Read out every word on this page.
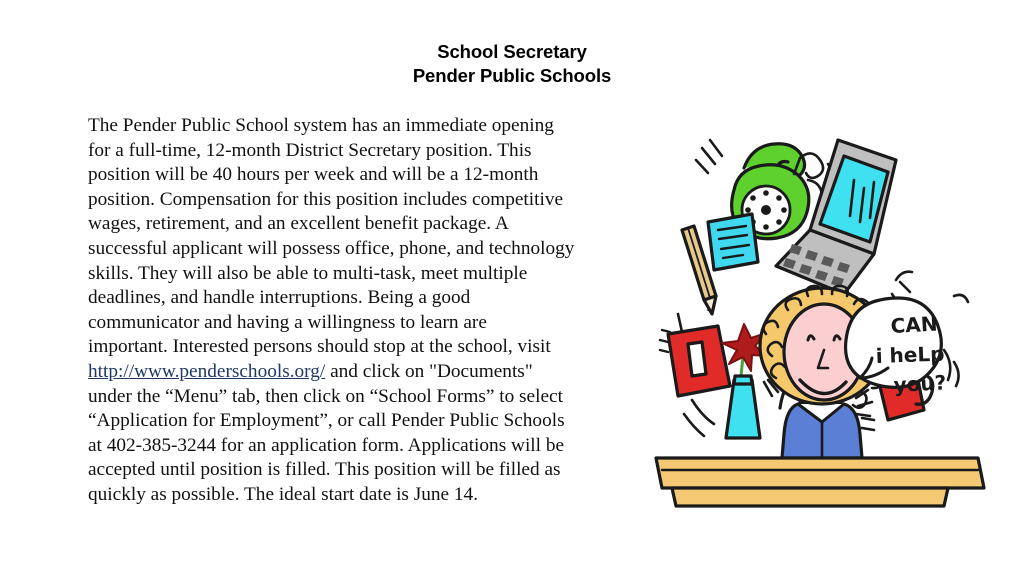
School Secretary
Pender Public Schools
The Pender Public School system has an immediate opening
for a full-time, 12-month District Secretary position. This
position will be 40 hours per week and will be a 12-month
position. Compensation for this position includes competitive
wages, retirement, and an excellent benefit package. A
successful applicant will possess office, phone, and technology
skills. They will also be able to multi-task, meet multiple
deadlines, and handle interruptions. Being a good
communicator and having a willingness to learn are
important. Interested persons should stop at the school, visit
http://www.penderschools.org/ and click on "Documents"
under the “Menu” tab, then click on “School Forms” to select
“Application for Employment”, or call Pender Public Schools
at 402-385-3244 for an application form. Applications will be
accepted until position is filled. This position will be filled as
quickly as possible. The ideal start date is June 14.
CAN
i heLp
you?
